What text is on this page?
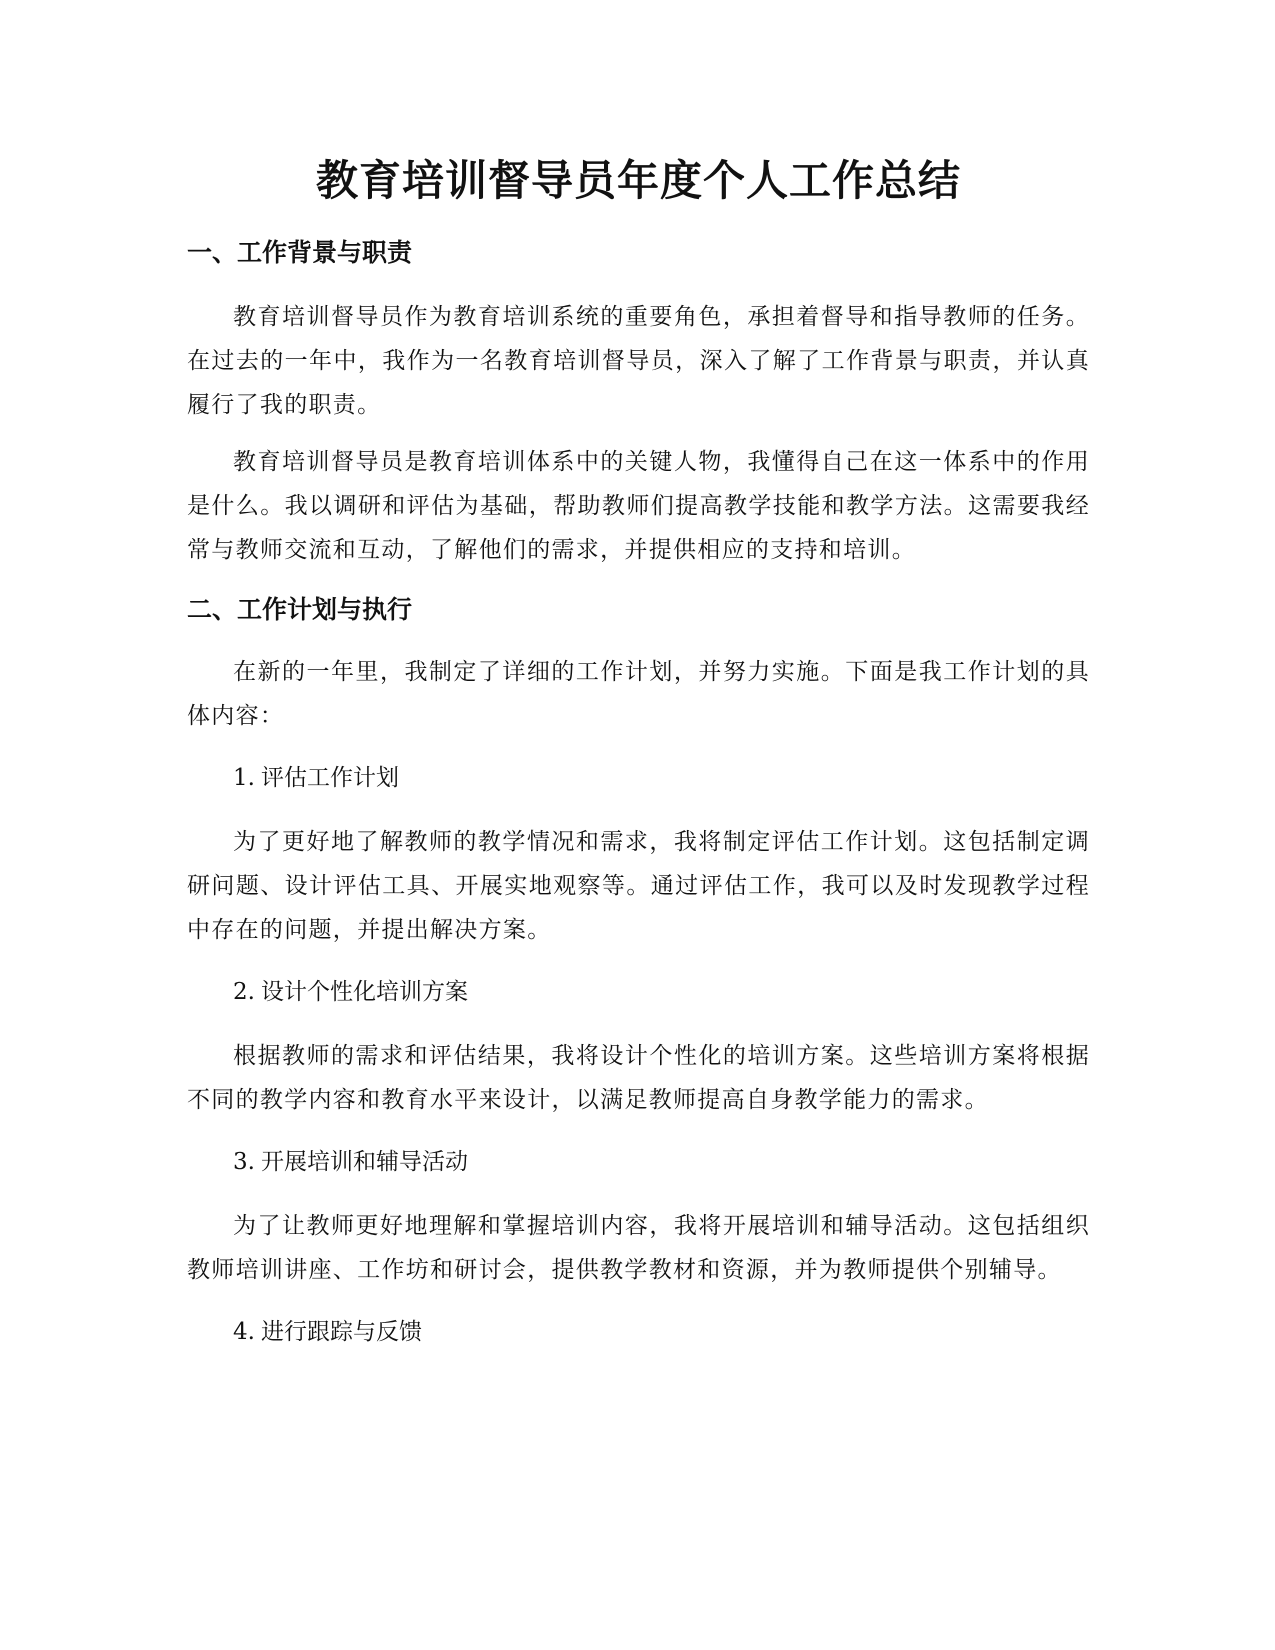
教育培训督导员年度个人工作总结
一、工作背景与职责

教育培训督导员作为教育培训系统的重要角色，承担着督导和指导教师的任务。在过去的一年中，我作为一名教育培训督导员，深入了解了工作背景与职责，并认真履行了我的职责。

教育培训督导员是教育培训体系中的关键人物，我懂得自己在这一体系中的作用是什么。我以调研和评估为基础，帮助教师们提高教学技能和教学方法。这需要我经常与教师交流和互动，了解他们的需求，并提供相应的支持和培训。

二、工作计划与执行

在新的一年里，我制定了详细的工作计划，并努力实施。下面是我工作计划的具体内容：

1. 评估工作计划

为了更好地了解教师的教学情况和需求，我将制定评估工作计划。这包括制定调研问题、设计评估工具、开展实地观察等。通过评估工作，我可以及时发现教学过程中存在的问题，并提出解决方案。

2. 设计个性化培训方案

根据教师的需求和评估结果，我将设计个性化的培训方案。这些培训方案将根据不同的教学内容和教育水平来设计，以满足教师提高自身教学能力的需求。

3. 开展培训和辅导活动

为了让教师更好地理解和掌握培训内容，我将开展培训和辅导活动。这包括组织教师培训讲座、工作坊和研讨会，提供教学教材和资源，并为教师提供个别辅导。

4. 进行跟踪与反馈
